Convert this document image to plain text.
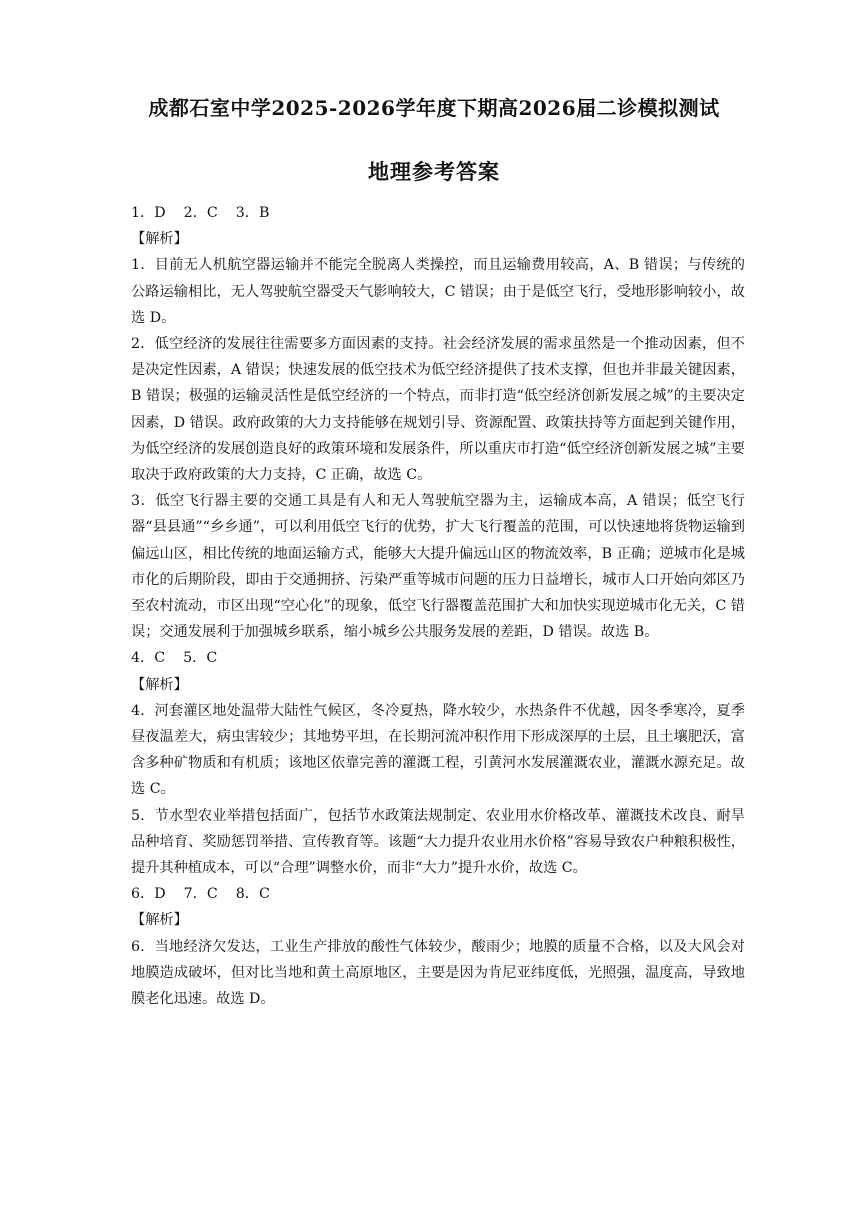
成都石室中学2025-2026学年度下期高2026届二诊模拟测试
地理参考答案

1．D    2．C    3．B

【解析】

1．目前无人机航空器运输并不能完全脱离人类操控，而且运输费用较高，A、B 错误；与传统的公路运输相比，无人驾驶航空器受天气影响较大，C 错误；由于是低空飞行，受地形影响较小，故选 D。

2．低空经济的发展往往需要多方面因素的支持。社会经济发展的需求虽然是一个推动因素，但不是决定性因素，A 错误；快速发展的低空技术为低空经济提供了技术支撑，但也并非最关键因素，B 错误；极强的运输灵活性是低空经济的一个特点，而非打造“低空经济创新发展之城”的主要决定因素，D 错误。政府政策的大力支持能够在规划引导、资源配置、政策扶持等方面起到关键作用，为低空经济的发展创造良好的政策环境和发展条件，所以重庆市打造“低空经济创新发展之城”主要取决于政府政策的大力支持，C 正确，故选 C。

3．低空飞行器主要的交通工具是有人和无人驾驶航空器为主，运输成本高，A 错误；低空飞行器“县县通”“乡乡通”，可以利用低空飞行的优势，扩大飞行覆盖的范围，可以快速地将货物运输到偏远山区，相比传统的地面运输方式，能够大大提升偏远山区的物流效率，B 正确；逆城市化是城市化的后期阶段，即由于交通拥挤、污染严重等城市问题的压力日益增长，城市人口开始向郊区乃至农村流动，市区出现“空心化”的现象，低空飞行器覆盖范围扩大和加快实现逆城市化无关，C 错误；交通发展利于加强城乡联系，缩小城乡公共服务发展的差距，D 错误。故选 B。

4．C    5．C

【解析】

4．河套灌区地处温带大陆性气候区，冬冷夏热，降水较少，水热条件不优越，因冬季寒冷，夏季昼夜温差大，病虫害较少；其地势平坦，在长期河流冲积作用下形成深厚的土层，且土壤肥沃，富含多种矿物质和有机质；该地区依靠完善的灌溉工程，引黄河水发展灌溉农业，灌溉水源充足。故选 C。

5．节水型农业举措包括面广，包括节水政策法规制定、农业用水价格改革、灌溉技术改良、耐旱品种培育、奖励惩罚举措、宣传教育等。该题“大力提升农业用水价格”容易导致农户种粮积极性，提升其种植成本，可以“合理”调整水价，而非“大力”提升水价，故选 C。

6．D    7．C    8．C

【解析】

6．当地经济欠发达，工业生产排放的酸性气体较少，酸雨少；地膜的质量不合格，以及大风会对地膜造成破坏，但对比当地和黄土高原地区，主要是因为肯尼亚纬度低，光照强，温度高，导致地膜老化迅速。故选 D。
